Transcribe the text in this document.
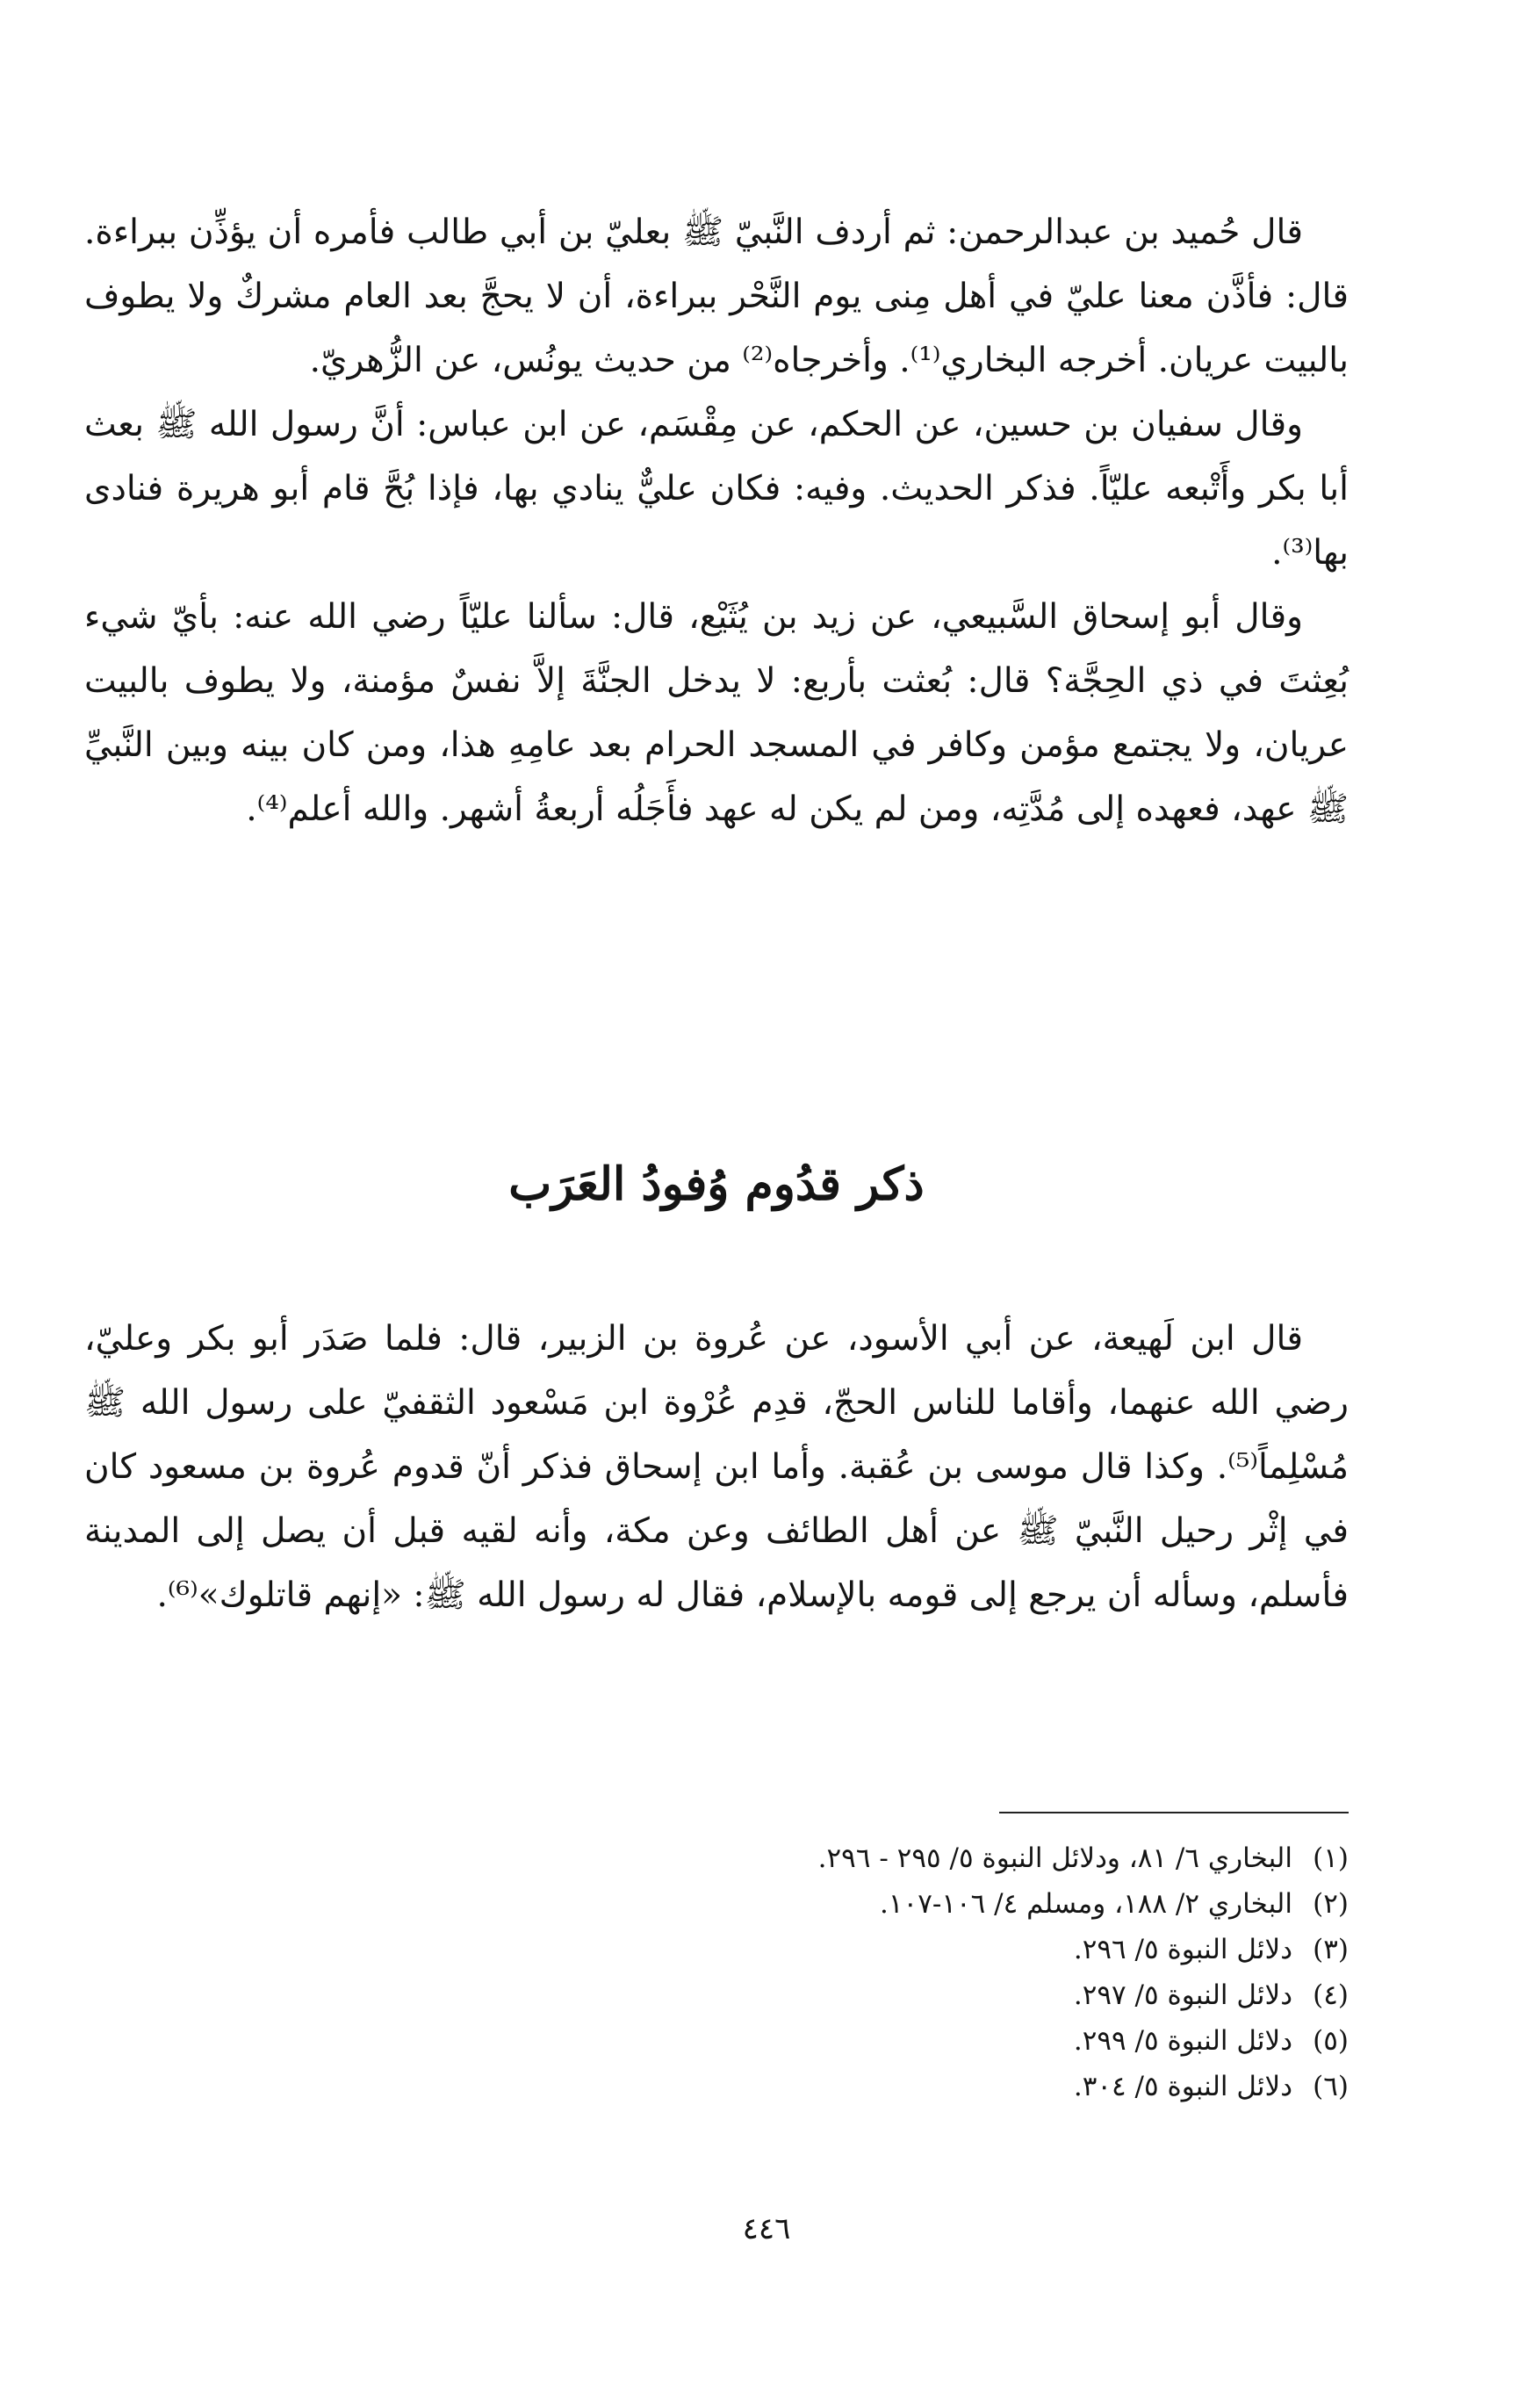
قال حُميد بن عبدالرحمن: ثم أردف النَّبيّ ﷺ بعليّ بن أبي طالب فأمره أن يؤذِّن ببراءة. قال: فأذَّن معنا عليّ في أهل مِنى يوم النَّحْر ببراءة، أن لا يحجَّ بعد العام مشركٌ ولا يطوف بالبيت عريان. أخرجه البخاري⁽¹⁾. وأخرجاه⁽²⁾ من حديث يونُس، عن الزُّهريّ.

وقال سفيان بن حسين، عن الحكم، عن مِقْسَم، عن ابن عباس: أنَّ رسول الله ﷺ بعث أبا بكر وأَتْبعه عليّاً. فذكر الحديث. وفيه: فكان عليٌّ ينادي بها، فإذا بُحَّ قام أبو هريرة فنادى بها⁽³⁾.

وقال أبو إسحاق السَّبيعي، عن زيد بن يُثَيْع، قال: سألنا عليّاً رضي الله عنه: بأيّ شيء بُعِثتَ في ذي الحِجَّة؟ قال: بُعثت بأربع: لا يدخل الجنَّةَ إلاَّ نفسٌ مؤمنة، ولا يطوف بالبيت عريان، ولا يجتمع مؤمن وكافر في المسجد الحرام بعد عامِهِ هذا، ومن كان بينه وبين النَّبيِّ ﷺ عهد، فعهده إلى مُدَّتِه، ومن لم يكن له عهد فأَجَلُه أربعةُ أشهر. والله أعلم⁽⁴⁾.

ذكر قدُوم وُفودُ العَرَب

قال ابن لَهيعة، عن أبي الأسود، عن عُروة بن الزبير، قال: فلما صَدَر أبو بكر وعليّ، رضي الله عنهما، وأقاما للناس الحجّ، قدِم عُرْوة ابن مَسْعود الثقفيّ على رسول الله ﷺ مُسْلِماً⁽⁵⁾. وكذا قال موسى بن عُقبة. وأما ابن إسحاق فذكر أنّ قدوم عُروة بن مسعود كان في إثْر رحيل النَّبيّ ﷺ عن أهل الطائف وعن مكة، وأنه لقيه قبل أن يصل إلى المدينة فأسلم، وسأله أن يرجع إلى قومه بالإسلام، فقال له رسول الله ﷺ: «إنهم قاتلوك»⁽⁶⁾.

(١)
البخاري ٦/ ٨١، ودلائل النبوة ٥/ ٢٩٥ - ٢٩٦.
(٢)
البخاري ٢/ ١٨٨، ومسلم ٤/ ١٠٦-١٠٧.
(٣)
دلائل النبوة ٥/ ٢٩٦.
(٤)
دلائل النبوة ٥/ ٢٩٧.
(٥)
دلائل النبوة ٥/ ٢٩٩.
(٦)
دلائل النبوة ٥/ ٣٠٤.
٤٤٦
